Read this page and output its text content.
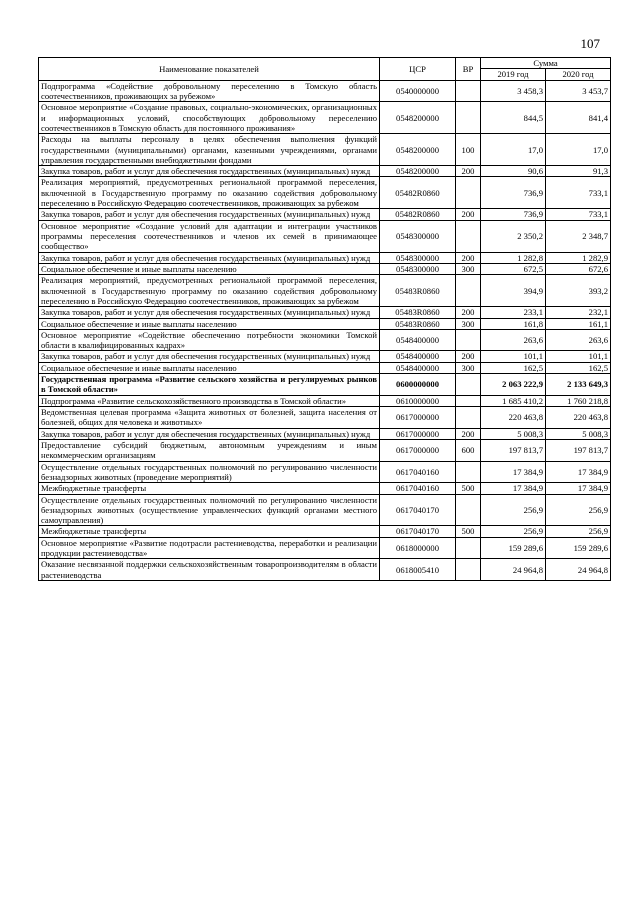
107
Наименование показателей	ЦСР	ВР	Сумма	
			2019 год	2020 год
Подпрограмма «Содействие добровольному переселению в Томскую область соотечественников, проживающих за рубежом»	0540000000		3 458,3	3 453,7
Основное мероприятие «Создание правовых, социально-экономических, организационных и информационных условий, способствующих добровольному переселению соотечественников в Томскую область для постоянного проживания»	0548200000		844,5	841,4
Расходы на выплаты персоналу в целях обеспечения выполнения функций государственными (муниципальными) органами, казенными учреждениями, органами управления государственными внебюджетными фондами	0548200000	100	17,0	17,0
Закупка товаров, работ и услуг для обеспечения государственных (муниципальных) нужд	0548200000	200	90,6	91,3
Реализация мероприятий, предусмотренных региональной программой переселения, включенной в Государственную программу по оказанию содействия добровольному переселению в Российскую Федерацию соотечественников, проживающих за рубежом	05482R0860		736,9	733,1
Закупка товаров, работ и услуг для обеспечения государственных (муниципальных) нужд	05482R0860	200	736,9	733,1
Основное мероприятие «Создание условий для адаптации и интеграции участников программы переселения соотечественников и членов их семей в принимающее сообщество»	0548300000		2 350,2	2 348,7
Закупка товаров, работ и услуг для обеспечения государственных (муниципальных) нужд	0548300000	200	1 282,8	1 282,9
Социальное обеспечение и иные выплаты населению	0548300000	300	672,5	672,6
Реализация мероприятий, предусмотренных региональной программой переселения, включенной в Государственную программу по оказанию содействия добровольному переселению в Российскую Федерацию соотечественников, проживающих за рубежом	05483R0860		394,9	393,2
Закупка товаров, работ и услуг для обеспечения государственных (муниципальных) нужд	05483R0860	200	233,1	232,1
Социальное обеспечение и иные выплаты населению	05483R0860	300	161,8	161,1
Основное мероприятие «Содействие обеспечению потребности экономики Томской области в квалифицированных кадрах»	0548400000		263,6	263,6
Закупка товаров, работ и услуг для обеспечения государственных (муниципальных) нужд	0548400000	200	101,1	101,1
Социальное обеспечение и иные выплаты населению	0548400000	300	162,5	162,5
Государственная программа «Развитие сельского хозяйства и регулируемых рынков в Томской области»	0600000000		2 063 222,9	2 133 649,3
Подпрограмма «Развитие сельскохозяйственного производства в Томской области»	0610000000		1 685 410,2	1 760 218,8
Ведомственная целевая программа «Защита животных от болезней, защита населения от болезней, общих для человека и животных»	0617000000		220 463,8	220 463,8
Закупка товаров, работ и услуг для обеспечения государственных (муниципальных) нужд	0617000000	200	5 008,3	5 008,3
Предоставление субсидий бюджетным, автономным учреждениям и иным некоммерческим организациям	0617000000	600	197 813,7	197 813,7
Осуществление отдельных государственных полномочий по регулированию численности безнадзорных животных (проведение мероприятий)	0617040160		17 384,9	17 384,9
Межбюджетные трансферты	0617040160	500	17 384,9	17 384,9
Осуществление отдельных государственных полномочий по регулированию численности безнадзорных животных (осуществление управленческих функций органами местного самоуправления)	0617040170		256,9	256,9
Межбюджетные трансферты	0617040170	500	256,9	256,9
Основное мероприятие «Развитие подотрасли растениеводства, переработки и реализации продукции растениеводства»	0618000000		159 289,6	159 289,6
Оказание несвязанной поддержки сельскохозяйственным товаропроизводителям в области растениеводства	0618005410		24 964,8	24 964,8
